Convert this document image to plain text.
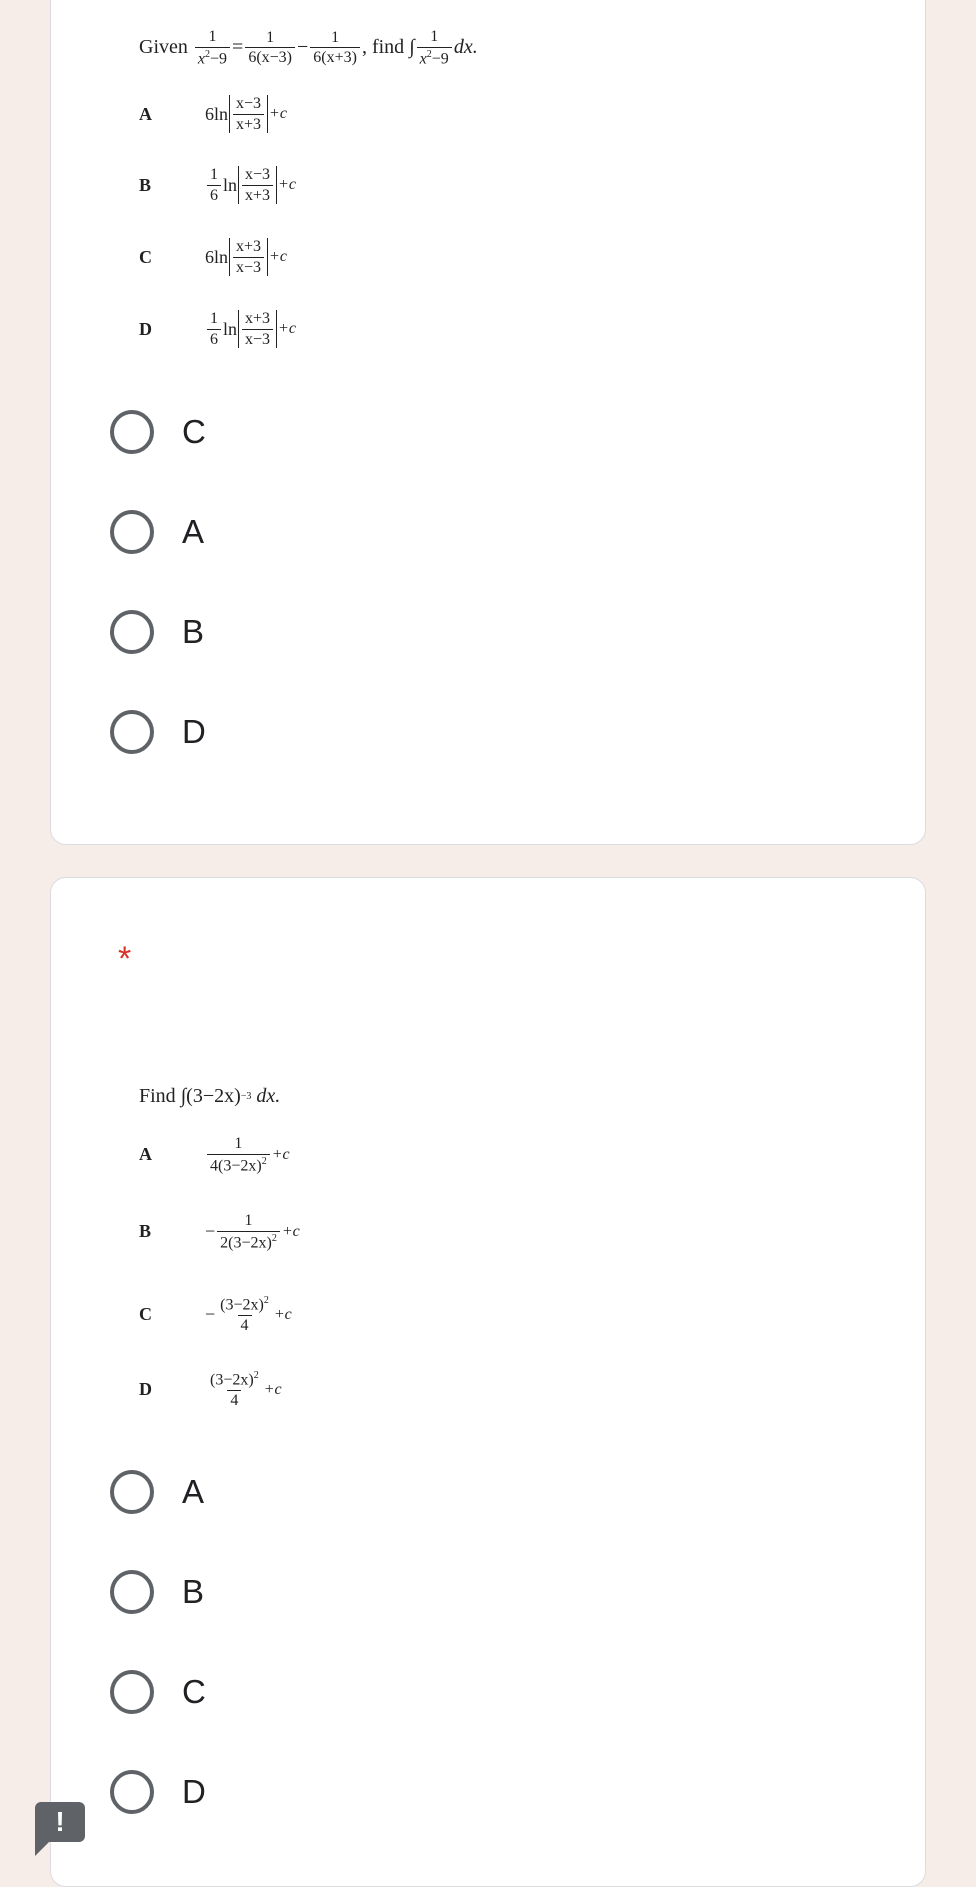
Given
$\frac{1}{x^2-9} = \frac{1}{6(x-3)} - \frac{1}{6(x+3)}$ , find ∫ $\frac{1}{x^2-9}$ dx.
A	$6\ln \frac{x-3}{x+3} +c$
B	$\frac{1}{6}$ $\ln \frac{x-3}{x+3} +c$
C	$6\ln \frac{x+3}{x-3} +c$
D	$\frac{1}{6}$ $\ln \frac{x+3}{x-3} +c$
C
A
B
D
*
Find ∫ (3−2x) −3
dx.
A	$\frac{1}{4(3-2x)^2} +c$
B	− $\frac{1}{2(3-2x)^2} +c$
C	− $\frac{(3-2x)^2}{4} +c$
D	$\frac{(3-2x)^2}{4} +c$
A
B
C
D
!
